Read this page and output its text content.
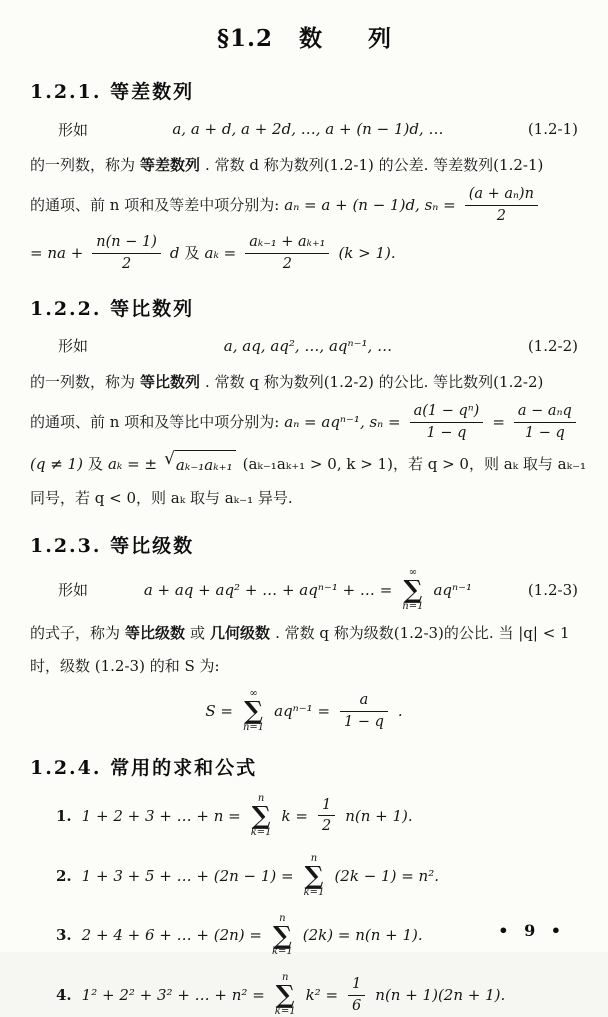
§1.2 数 列
1.2.1. 等差数列
形如	a, a + d, a + 2d, …, a + (n − 1)d, …	(1.2-1)
的一列数，称为 等差数列 . 常数 d 称为数列(1.2-1) 的公差. 等差数列(1.2-1)
的通项、前 n 项和及等差中项分别为: aₙ = a + (n − 1)d, $s_n = \frac{\text{(a + aₙ)n}}{2}$
= na + $\frac{n(n - 1)}{2}$ d 及 $a_k = \frac{\text{aₖ₋₁ + aₖ₊₁}}{2} (k > 1)$.
1.2.2. 等比数列
形如	a, aq, aq², …, aqⁿ⁻¹, …	(1.2-2)
的一列数，称为 等比数列 . 常数 q 称为数列(1.2-2) 的公比. 等比数列(1.2-2)
的通项、前 n 项和及等比中项分别为: aₙ = aqⁿ⁻¹, $s_n = \frac{\text{a(1 − qⁿ)}}{1 - q} = \frac{\text{a − aₙq}}{1 - q}$
(q ≠ 1) 及 aₖ = ± √ aₖ₋₁aₖ₊₁ (aₖ₋₁aₖ₊₁ > 0, k > 1)，若 q > 0，则 aₖ 取与 aₖ₋₁
同号，若 q < 0，则 aₖ 取与 aₖ₋₁ 异号.
1.2.3. 等比级数
形如	a + aq + aq² + … + aqⁿ⁻¹ + … =
∞
∑
n=1
aqⁿ⁻¹	(1.2-3)
的式子，称为 等比级数 或 几何级数 . 常数 q 称为级数(1.2-3)的公比. 当 |q| < 1
时，级数 (1.2-3) 的和 S 为:
S =
∞
∑
n=1
$aq^{n-1} = \frac{a}{1 - q}$ .
1.2.4. 常用的求和公式
1. 1 + 2 + 3 + … + n =
n
∑
k=1
$k = \frac{1}{2} n(n + 1)$.
2. 1 + 3 + 5 + … + (2n − 1) =
n
∑
k=1
(2k − 1) = n².
3. 2 + 4 + 6 + … + (2n) =
n
∑
k=1
(2k) = n(n + 1).
4. 1² + 2² + 3² + … + n² =
n
∑
k=1
$k^2 = \frac{1}{6} n(n + 1)(2n + 1)$.
• 9 •
